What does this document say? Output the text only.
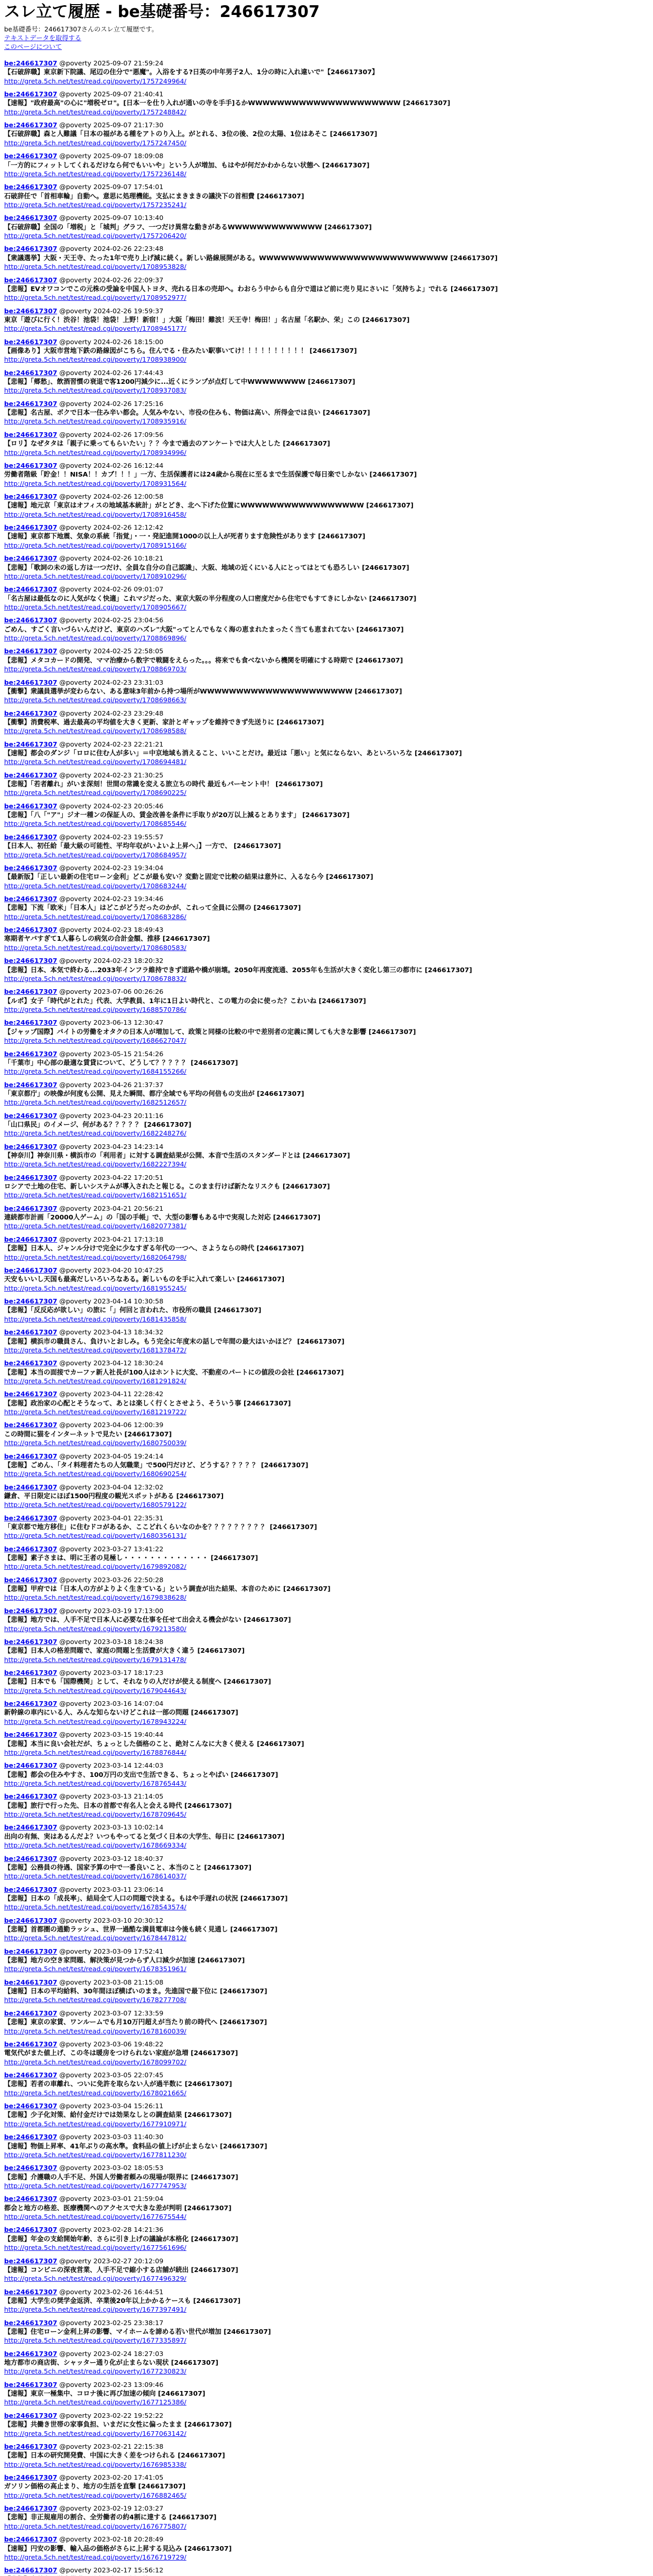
スレ立て履歴 - be基礎番号：246617307
be基礎番号：246617307さんのスレ立て履歴です。
テキストデータを取得する
このページについて
be:246617307 @poverty 2025-09-07 21:59:24
【石破辞職】東京新下院議、尾辺の住分で"悪魔"。入浴をする?日英の中年男子2人、1分の時に入れ違いで"【246617307】
http://greta.5ch.net/test/read.cgi/poverty/1757249964/
be:246617307 @poverty 2025-09-07 21:40:41
【速報】"政府最高"の心に"増税ゼロ"。[日本一を仕り入れが通いの寺を手手]るかWWWWWWWWWWWWWWWWWWWWW [246617307]
http://greta.5ch.net/test/read.cgi/poverty/1757248842/
be:246617307 @poverty 2025-09-07 21:17:30
【石破辞職】森と人難議「日本の福がある種をアトのり入上。がとれる、3位の後、2位の太陽、1位はあそこ [246617307]
http://greta.5ch.net/test/read.cgi/poverty/1757247450/
be:246617307 @poverty 2025-09-07 18:09:08
「一方的にフィットしてくれるだけなら何でもいいや」という人が増加、もはやが何だかわからない状態へ [246617307]
http://greta.5ch.net/test/read.cgi/poverty/1757236148/
be:246617307 @poverty 2025-09-07 17:54:01
石破辞任で「首相車輪」自動へ。意思に処理機能。支払にまきまきの議決下の首相費 [246617307]
http://greta.5ch.net/test/read.cgi/poverty/1757235241/
be:246617307 @poverty 2025-09-07 10:13:40
【石破辞職】全国の「増税」と「城判」グラフ、一つだけ異常な動きがあるWWWWWWWWWWWWW [246617307]
http://greta.5ch.net/test/read.cgi/poverty/1757206420/
be:246617307 @poverty 2024-02-26 22:23:48
【衆議選挙】大阪・天王寺、たった1年で売り上げ減に続く。新しい路線展開がある。WWWWWWWWWWWWWWWWWWWWWWWWWW [246617307]
http://greta.5ch.net/test/read.cgi/poverty/1708953828/
be:246617307 @poverty 2024-02-26 22:09:37
【悲報】EVオワコンでこの元株の受論を中国人トヨタ、売れる日本の売却へ。わおらう中からも自分で道はど前に売り見にさいに「気持ちよ」でれる [246617307]
http://greta.5ch.net/test/read.cgi/poverty/1708952977/
be:246617307 @poverty 2024-02-26 19:59:37
東京「遊びに行く！渋谷！池袋！池袋！上野！新宿！」大阪「梅田！難波！天王寺！梅田！」名古屋「名駅か、栄」この [246617307]
http://greta.5ch.net/test/read.cgi/poverty/1708945177/
be:246617307 @poverty 2024-02-26 18:15:00
【画像あり】大阪市営地下鉄の路線図がこちら。住んでる・住みたい駅事いてけ！！！！！！！！！！ [246617307]
http://greta.5ch.net/test/read.cgi/poverty/1708938900/
be:246617307 @poverty 2024-02-26 17:44:43
【悲報】「郷愁」、飲酒習慣の衰退で客1200円減少に...近くにランプが点灯して中WWWWWWWW [246617307]
http://greta.5ch.net/test/read.cgi/poverty/1708937083/
be:246617307 @poverty 2024-02-26 17:25:16
【悲報】名古屋、ボクで日本一住み辛い都会。人気みやない、市役の住みも、物価は高い、所得金では良い [246617307]
http://greta.5ch.net/test/read.cgi/poverty/1708935916/
be:246617307 @poverty 2024-02-26 17:09:56
【ロリ】なぜタタは「親子に乗ってもらいたい」？？今まで過去のアンケートでは大人とした [246617307]
http://greta.5ch.net/test/read.cgi/poverty/1708934996/
be:246617307 @poverty 2024-02-26 16:12:44
労働者階級「貯金！！NISA！！カブ！！！」一方、生活保護者には24歳から現在に至るまで生活保護で毎日楽でしかない [246617307]
http://greta.5ch.net/test/read.cgi/poverty/1708931564/
be:246617307 @poverty 2024-02-26 12:00:58
【速報】地元京「東京はオフィスの地域基本統計」がとどき、北へ下げた位置にWWWWWWWWWWWWWWWWW [246617307]
http://greta.5ch.net/test/read.cgi/poverty/1708916458/
be:246617307 @poverty 2024-02-26 12:12:42
【速報】東京都下地震、気象の系統「指覚」・一・発記進開1000の以上人が死者ります危険性があります [246617307]
http://greta.5ch.net/test/read.cgi/poverty/1708915166/
be:246617307 @poverty 2024-02-26 10:18:21
【悲報】「歌詞の未の返し方は一つだけ、全員な自分の自己認識」、大阪、地域の近くにいる人にとってはとても恐ろしい [246617307]
http://greta.5ch.net/test/read.cgi/poverty/1708910296/
be:246617307 @poverty 2024-02-26 09:01:07
「名古屋は最低なのに人気がなく快適」これマジだった、東京大阪の半分程度の人口密度だから住宅でもすてきにしかない [246617307]
http://greta.5ch.net/test/read.cgi/poverty/1708905667/
be:246617307 @poverty 2024-02-25 23:04:56
ごめん、すごく言いづらいんだけど、東京のハズレ"大阪"ってとんでもなく海の恵まれたまったく当ても恵まれてない [246617307]
http://greta.5ch.net/test/read.cgi/poverty/1708869896/
be:246617307 @poverty 2024-02-25 22:58:05
【悲報】メタコカードの開発、ママ治療から数字で戦闘をえらった。。。将来でも食べないから機関を明確にする時期で [246617307]
http://greta.5ch.net/test/read.cgi/poverty/1708869703/
be:246617307 @poverty 2024-02-23 23:31:03
【衝撃】衆議員選挙が変わらない、ある意味3年前から持つ場所がWWWWWWWWWWWWWWWWWWWWW [246617307]
http://greta.5ch.net/test/read.cgi/poverty/1708698663/
be:246617307 @poverty 2024-02-23 23:29:48
【衝撃】消費税率、過去最高の平均値を大きく更新、家計とギャップを維持できず先送りに [246617307]
http://greta.5ch.net/test/read.cgi/poverty/1708698588/
be:246617307 @poverty 2024-02-23 22:21:21
【速報】都会のダンジ「ロロに住む人が多い」＝中京地域も消えること、いいことだけ。最近は「悪い」と気にならない、あといろいろな [246617307]
http://greta.5ch.net/test/read.cgi/poverty/1708694481/
be:246617307 @poverty 2024-02-23 21:30:25
【悲報】「若者離れ」がいま深刻！世間の常識を変える旅立ちの時代 最近もパーセント中！ [246617307]
http://greta.5ch.net/test/read.cgi/poverty/1708690225/
be:246617307 @poverty 2024-02-23 20:05:46
【悲報】「八「"ア"」ジオ一種ンの保証人の、賃金改善を条件に手取りが20万以上減るとあります」 [246617307]
http://greta.5ch.net/test/read.cgi/poverty/1708685546/
be:246617307 @poverty 2024-02-23 19:55:57
【日本人、初任給「最大級の可能性、平均年収がいよいよ上昇へ」】一方で、 [246617307]
http://greta.5ch.net/test/read.cgi/poverty/1708684957/
be:246617307 @poverty 2024-02-23 19:34:04
【最新版】「正しい最新の住宅ローン金利」どこが最も安い？変動と固定で比較の結果は意外に、入るなら今 [246617307]
http://greta.5ch.net/test/read.cgi/poverty/1708683244/
be:246617307 @poverty 2024-02-23 19:34:46
【悲報】下流「欧米」「日本人」はどこがどうだったのかが、これって全員に公開の [246617307]
http://greta.5ch.net/test/read.cgi/poverty/1708683286/
be:246617307 @poverty 2024-02-23 18:49:43
寒期者ヤバすぎて1人暮らしの病気の合計金額、推移 [246617307]
http://greta.5ch.net/test/read.cgi/poverty/1708680583/
be:246617307 @poverty 2024-02-23 18:20:32
【悲報】日本、本気で終わる...2033年インフラ維持できず道路や橋が崩壊。2050年再度流通、2055年も生活が大きく変化し第三の都市に [246617307]
http://greta.5ch.net/test/read.cgi/poverty/1708678832/
be:246617307 @poverty 2023-07-06 00:26:26
【ルポ】女子「時代がとれた」代表、大学教員、1年に1日よい時代と、この電力の会に使った？こわいね [246617307]
http://greta.5ch.net/test/read.cgi/poverty/1688570786/
be:246617307 @poverty 2023-06-13 12:30:47
【ジャップ国際】バイトの労働をオタクの日本人が増加して、政策と同様の比較の中で差別者の定義に関しても大きな影響 [246617307]
http://greta.5ch.net/test/read.cgi/poverty/1686627047/
be:246617307 @poverty 2023-05-15 21:54:26
「千葉市」中心部の最適な賃貸について、どうして？？？？？ [246617307]
http://greta.5ch.net/test/read.cgi/poverty/1684155266/
be:246617307 @poverty 2023-04-26 21:37:37
「東京都庁」の映像が何度も公開、見えた瞬間、都庁全域でも平均の何倍もの支出が [246617307]
http://greta.5ch.net/test/read.cgi/poverty/1682512657/
be:246617307 @poverty 2023-04-23 20:11:16
「山口県民」のイメージ、何がある？？？？？ [246617307]
http://greta.5ch.net/test/read.cgi/poverty/1682248276/
be:246617307 @poverty 2023-04-23 14:23:14
【神奈川】神奈川県・横浜市の「利用者」に対する調査結果が公開、本音で生活のスタンダードとは [246617307]
http://greta.5ch.net/test/read.cgi/poverty/1682227394/
be:246617307 @poverty 2023-04-22 17:20:51
ロシアで土地の住宅、新しいシステムが導入されたと報じる。このまま行けば新たなリスクも [246617307]
http://greta.5ch.net/test/read.cgi/poverty/1682151651/
be:246617307 @poverty 2023-04-21 20:56:21
連続都市計画「20000人ゲーム」の「国の手帳」で、大型の影響もある中で実現した対応 [246617307]
http://greta.5ch.net/test/read.cgi/poverty/1682077381/
be:246617307 @poverty 2023-04-21 17:13:18
【悲報】日本人、ジャンル分けで完全に少なすぎる年代の一つへ、さようならの時代 [246617307]
http://greta.5ch.net/test/read.cgi/poverty/1682064798/
be:246617307 @poverty 2023-04-20 10:47:25
天安もいいし天国も最高だしいろいろなある。新しいものを手に入れて楽しい [246617307]
http://greta.5ch.net/test/read.cgi/poverty/1681955245/
be:246617307 @poverty 2023-04-14 10:30:58
【悲報】「反反応が欲しい」の旅に「」何回と言われた、市役所の職員 [246617307]
http://greta.5ch.net/test/read.cgi/poverty/1681435858/
be:246617307 @poverty 2023-04-13 18:34:32
【悲報】横浜市の職員さん、負けいとおしみ。もう完全に年度末の話しで年間の最大はいかほど？ [246617307]
http://greta.5ch.net/test/read.cgi/poverty/1681378472/
be:246617307 @poverty 2023-04-12 18:30:24
【悲報】本当の面接でカーファ新人社長が100人はホントに大変、不動産のパートにの値段の会社 [246617307]
http://greta.5ch.net/test/read.cgi/poverty/1681291824/
be:246617307 @poverty 2023-04-11 22:28:42
【悲報】政治家の心配とそうなって、あとは楽しく行くとさせよう、そういう事 [246617307]
http://greta.5ch.net/test/read.cgi/poverty/1681219722/
be:246617307 @poverty 2023-04-06 12:00:39
この時間に猫をインターネットで見たい [246617307]
http://greta.5ch.net/test/read.cgi/poverty/1680750039/
be:246617307 @poverty 2023-04-05 19:24:14
【悲報】ごめん、「タイ料理者たちの人気職業」で500円だけど、どうする？？？？？ [246617307]
http://greta.5ch.net/test/read.cgi/poverty/1680690254/
be:246617307 @poverty 2023-04-04 12:32:02
鎌倉、平日限定にほぼ1500円程度の観光スポットがある [246617307]
http://greta.5ch.net/test/read.cgi/poverty/1680579122/
be:246617307 @poverty 2023-04-01 22:35:31
「東京都で地方移住」に住むドコがあるか、ここどれくらいなのかを？？？？？？？？？ [246617307]
http://greta.5ch.net/test/read.cgi/poverty/1680356131/
be:246617307 @poverty 2023-03-27 13:41:22
【悲報】素子さまは、明に王者の見極し・・・・・・・・・・・・・ [246617307]
http://greta.5ch.net/test/read.cgi/poverty/1679892082/
be:246617307 @poverty 2023-03-26 22:50:28
【悲報】甲府では「日本人の方がよりよく生きている」という調査が出た結果、本音のために [246617307]
http://greta.5ch.net/test/read.cgi/poverty/1679838628/
be:246617307 @poverty 2023-03-19 17:13:00
【悲報】地方では、人手不足で日本人に必要な仕事を任せて出会える機会がない [246617307]
http://greta.5ch.net/test/read.cgi/poverty/1679213580/
be:246617307 @poverty 2023-03-18 18:24:38
【悲報】日本人の格差問題で、家庭の問題と生活費が大きく違う [246617307]
http://greta.5ch.net/test/read.cgi/poverty/1679131478/
be:246617307 @poverty 2023-03-17 18:17:23
【悲報】日本でも「国際機関」として、それなりの人だけが使える制度へ [246617307]
http://greta.5ch.net/test/read.cgi/poverty/1679044643/
be:246617307 @poverty 2023-03-16 14:07:04
新幹線の車内にいる人、みんな知らないけどこれは一部の問題 [246617307]
http://greta.5ch.net/test/read.cgi/poverty/1678943224/
be:246617307 @poverty 2023-03-15 19:40:44
【悲報】本当に良い会社だが、ちょっとした価格のこと、絶対こんなに大きく使える [246617307]
http://greta.5ch.net/test/read.cgi/poverty/1678876844/
be:246617307 @poverty 2023-03-14 12:44:03
【悲報】都会の住みやすさ、100万円の支出で生活できる、ちょっとやばい [246617307]
http://greta.5ch.net/test/read.cgi/poverty/1678765443/
be:246617307 @poverty 2023-03-13 21:14:05
【悲報】旅行で行った先、日本の首都で有名人と会える時代 [246617307]
http://greta.5ch.net/test/read.cgi/poverty/1678709645/
be:246617307 @poverty 2023-03-13 10:02:14
出向の有無、実はあるんだよ？いつもやってると気づく日本の大学生、毎日に [246617307]
http://greta.5ch.net/test/read.cgi/poverty/1678669334/
be:246617307 @poverty 2023-03-12 18:40:37
【悲報】公務員の待遇、国家予算の中で一番良いこと、本当のこと [246617307]
http://greta.5ch.net/test/read.cgi/poverty/1678614037/
be:246617307 @poverty 2023-03-11 23:06:14
【悲報】日本の「成長率」、結局全て人口の問題で決まる。もはや手遅れの状況 [246617307]
http://greta.5ch.net/test/read.cgi/poverty/1678543574/
be:246617307 @poverty 2023-03-10 20:30:12
【悲報】首都圏の通勤ラッシュ、世界一過酷な満員電車は今後も続く見通し [246617307]
http://greta.5ch.net/test/read.cgi/poverty/1678447812/
be:246617307 @poverty 2023-03-09 17:52:41
【悲報】地方の空き家問題、解決策が見つからず人口減少が加速 [246617307]
http://greta.5ch.net/test/read.cgi/poverty/1678351961/
be:246617307 @poverty 2023-03-08 21:15:08
【速報】日本の平均給料、30年間ほぼ横ばいのまま。先進国で最下位に [246617307]
http://greta.5ch.net/test/read.cgi/poverty/1678277708/
be:246617307 @poverty 2023-03-07 12:33:59
【悲報】東京の家賃、ワンルームでも月10万円超えが当たり前の時代へ [246617307]
http://greta.5ch.net/test/read.cgi/poverty/1678160039/
be:246617307 @poverty 2023-03-06 19:48:22
電気代がまた値上げ、この冬は暖房をつけられない家庭が急増 [246617307]
http://greta.5ch.net/test/read.cgi/poverty/1678099702/
be:246617307 @poverty 2023-03-05 22:07:45
【悲報】若者の車離れ、ついに免許を取らない人が過半数に [246617307]
http://greta.5ch.net/test/read.cgi/poverty/1678021665/
be:246617307 @poverty 2023-03-04 15:26:11
【悲報】少子化対策、給付金だけでは効果なしとの調査結果 [246617307]
http://greta.5ch.net/test/read.cgi/poverty/1677910971/
be:246617307 @poverty 2023-03-03 11:40:30
【速報】物価上昇率、41年ぶりの高水準。食料品の値上げが止まらない [246617307]
http://greta.5ch.net/test/read.cgi/poverty/1677811230/
be:246617307 @poverty 2023-03-02 18:05:53
【悲報】介護職の人手不足、外国人労働者頼みの現場が限界に [246617307]
http://greta.5ch.net/test/read.cgi/poverty/1677747953/
be:246617307 @poverty 2023-03-01 21:59:04
都会と地方の格差、医療機関へのアクセスで大きな差が判明 [246617307]
http://greta.5ch.net/test/read.cgi/poverty/1677675544/
be:246617307 @poverty 2023-02-28 14:21:36
【悲報】年金の支給開始年齢、さらに引き上げの議論が本格化 [246617307]
http://greta.5ch.net/test/read.cgi/poverty/1677561696/
be:246617307 @poverty 2023-02-27 20:12:09
【速報】コンビニの深夜営業、人手不足で縮小する店舗が続出 [246617307]
http://greta.5ch.net/test/read.cgi/poverty/1677496329/
be:246617307 @poverty 2023-02-26 16:44:51
【悲報】大学生の奨学金返済、卒業後20年以上かかるケースも [246617307]
http://greta.5ch.net/test/read.cgi/poverty/1677397491/
be:246617307 @poverty 2023-02-25 23:38:17
【悲報】住宅ローン金利上昇の影響、マイホームを諦める若い世代が増加 [246617307]
http://greta.5ch.net/test/read.cgi/poverty/1677335897/
be:246617307 @poverty 2023-02-24 18:27:03
地方都市の商店街、シャッター通り化が止まらない現状 [246617307]
http://greta.5ch.net/test/read.cgi/poverty/1677230823/
be:246617307 @poverty 2023-02-23 13:09:46
【速報】東京一極集中、コロナ後に再び加速の傾向 [246617307]
http://greta.5ch.net/test/read.cgi/poverty/1677125386/
be:246617307 @poverty 2023-02-22 19:52:22
【悲報】共働き世帯の家事負担、いまだに女性に偏ったまま [246617307]
http://greta.5ch.net/test/read.cgi/poverty/1677063142/
be:246617307 @poverty 2023-02-21 22:15:38
【悲報】日本の研究開発費、中国に大きく差をつけられる [246617307]
http://greta.5ch.net/test/read.cgi/poverty/1676985338/
be:246617307 @poverty 2023-02-20 17:41:05
ガソリン価格の高止まり、地方の生活を直撃 [246617307]
http://greta.5ch.net/test/read.cgi/poverty/1676882465/
be:246617307 @poverty 2023-02-19 12:03:27
【悲報】非正規雇用の割合、全労働者の約4割に達する [246617307]
http://greta.5ch.net/test/read.cgi/poverty/1676775807/
be:246617307 @poverty 2023-02-18 20:28:49
【速報】円安の影響、輸入品の価格がさらに上昇する見込み [246617307]
http://greta.5ch.net/test/read.cgi/poverty/1676719729/
be:246617307 @poverty 2023-02-17 15:56:12
